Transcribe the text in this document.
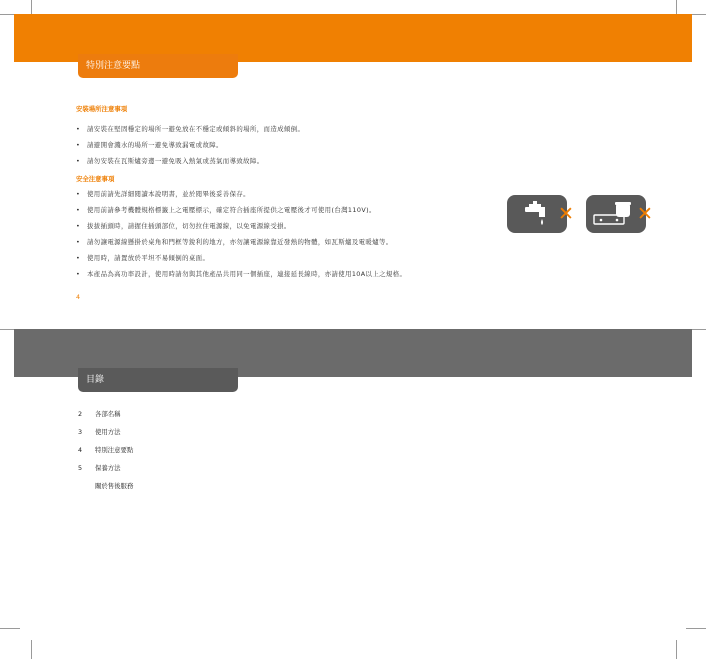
特別注意要點
安裝場所注意事項
• 請安裝在堅固穩定的場所一避免放在不穩定或傾斜的場所，而造成傾倒。
• 請避開會濺水的場所一避免導致漏電或故障。
• 請勿安裝在瓦斯爐旁邊一避免吸入熱氣或蒸氣而導致故障。
安全注意事項
• 使用前請先詳細閱讀本說明書，並於閱畢後妥善保存。
• 使用前請參考機體規格標籤上之電壓標示，確定符合插座所提供之電壓後才可使用(台灣110V)。
• 拔拔插頭時，請握住插頭部位，切勿拉住電源線，以免電源線受損。
• 請勿讓電源線懸掛於桌角和門框等銳利的地方，亦勿讓電源線靠近發熱的物體，如瓦斯爐及電暖爐等。
• 使用時，請置放於平坦不易傾倒的桌面。
• 本產品為高功率設計，使用時請勿與其他產品共用同一個插座，連接延長線時，亦請使用10A以上之規格。
✕	✕
4
目錄
2 各部名稱
3 使用方法
4 特別注意要點
5 保養方法
關於售後服務
